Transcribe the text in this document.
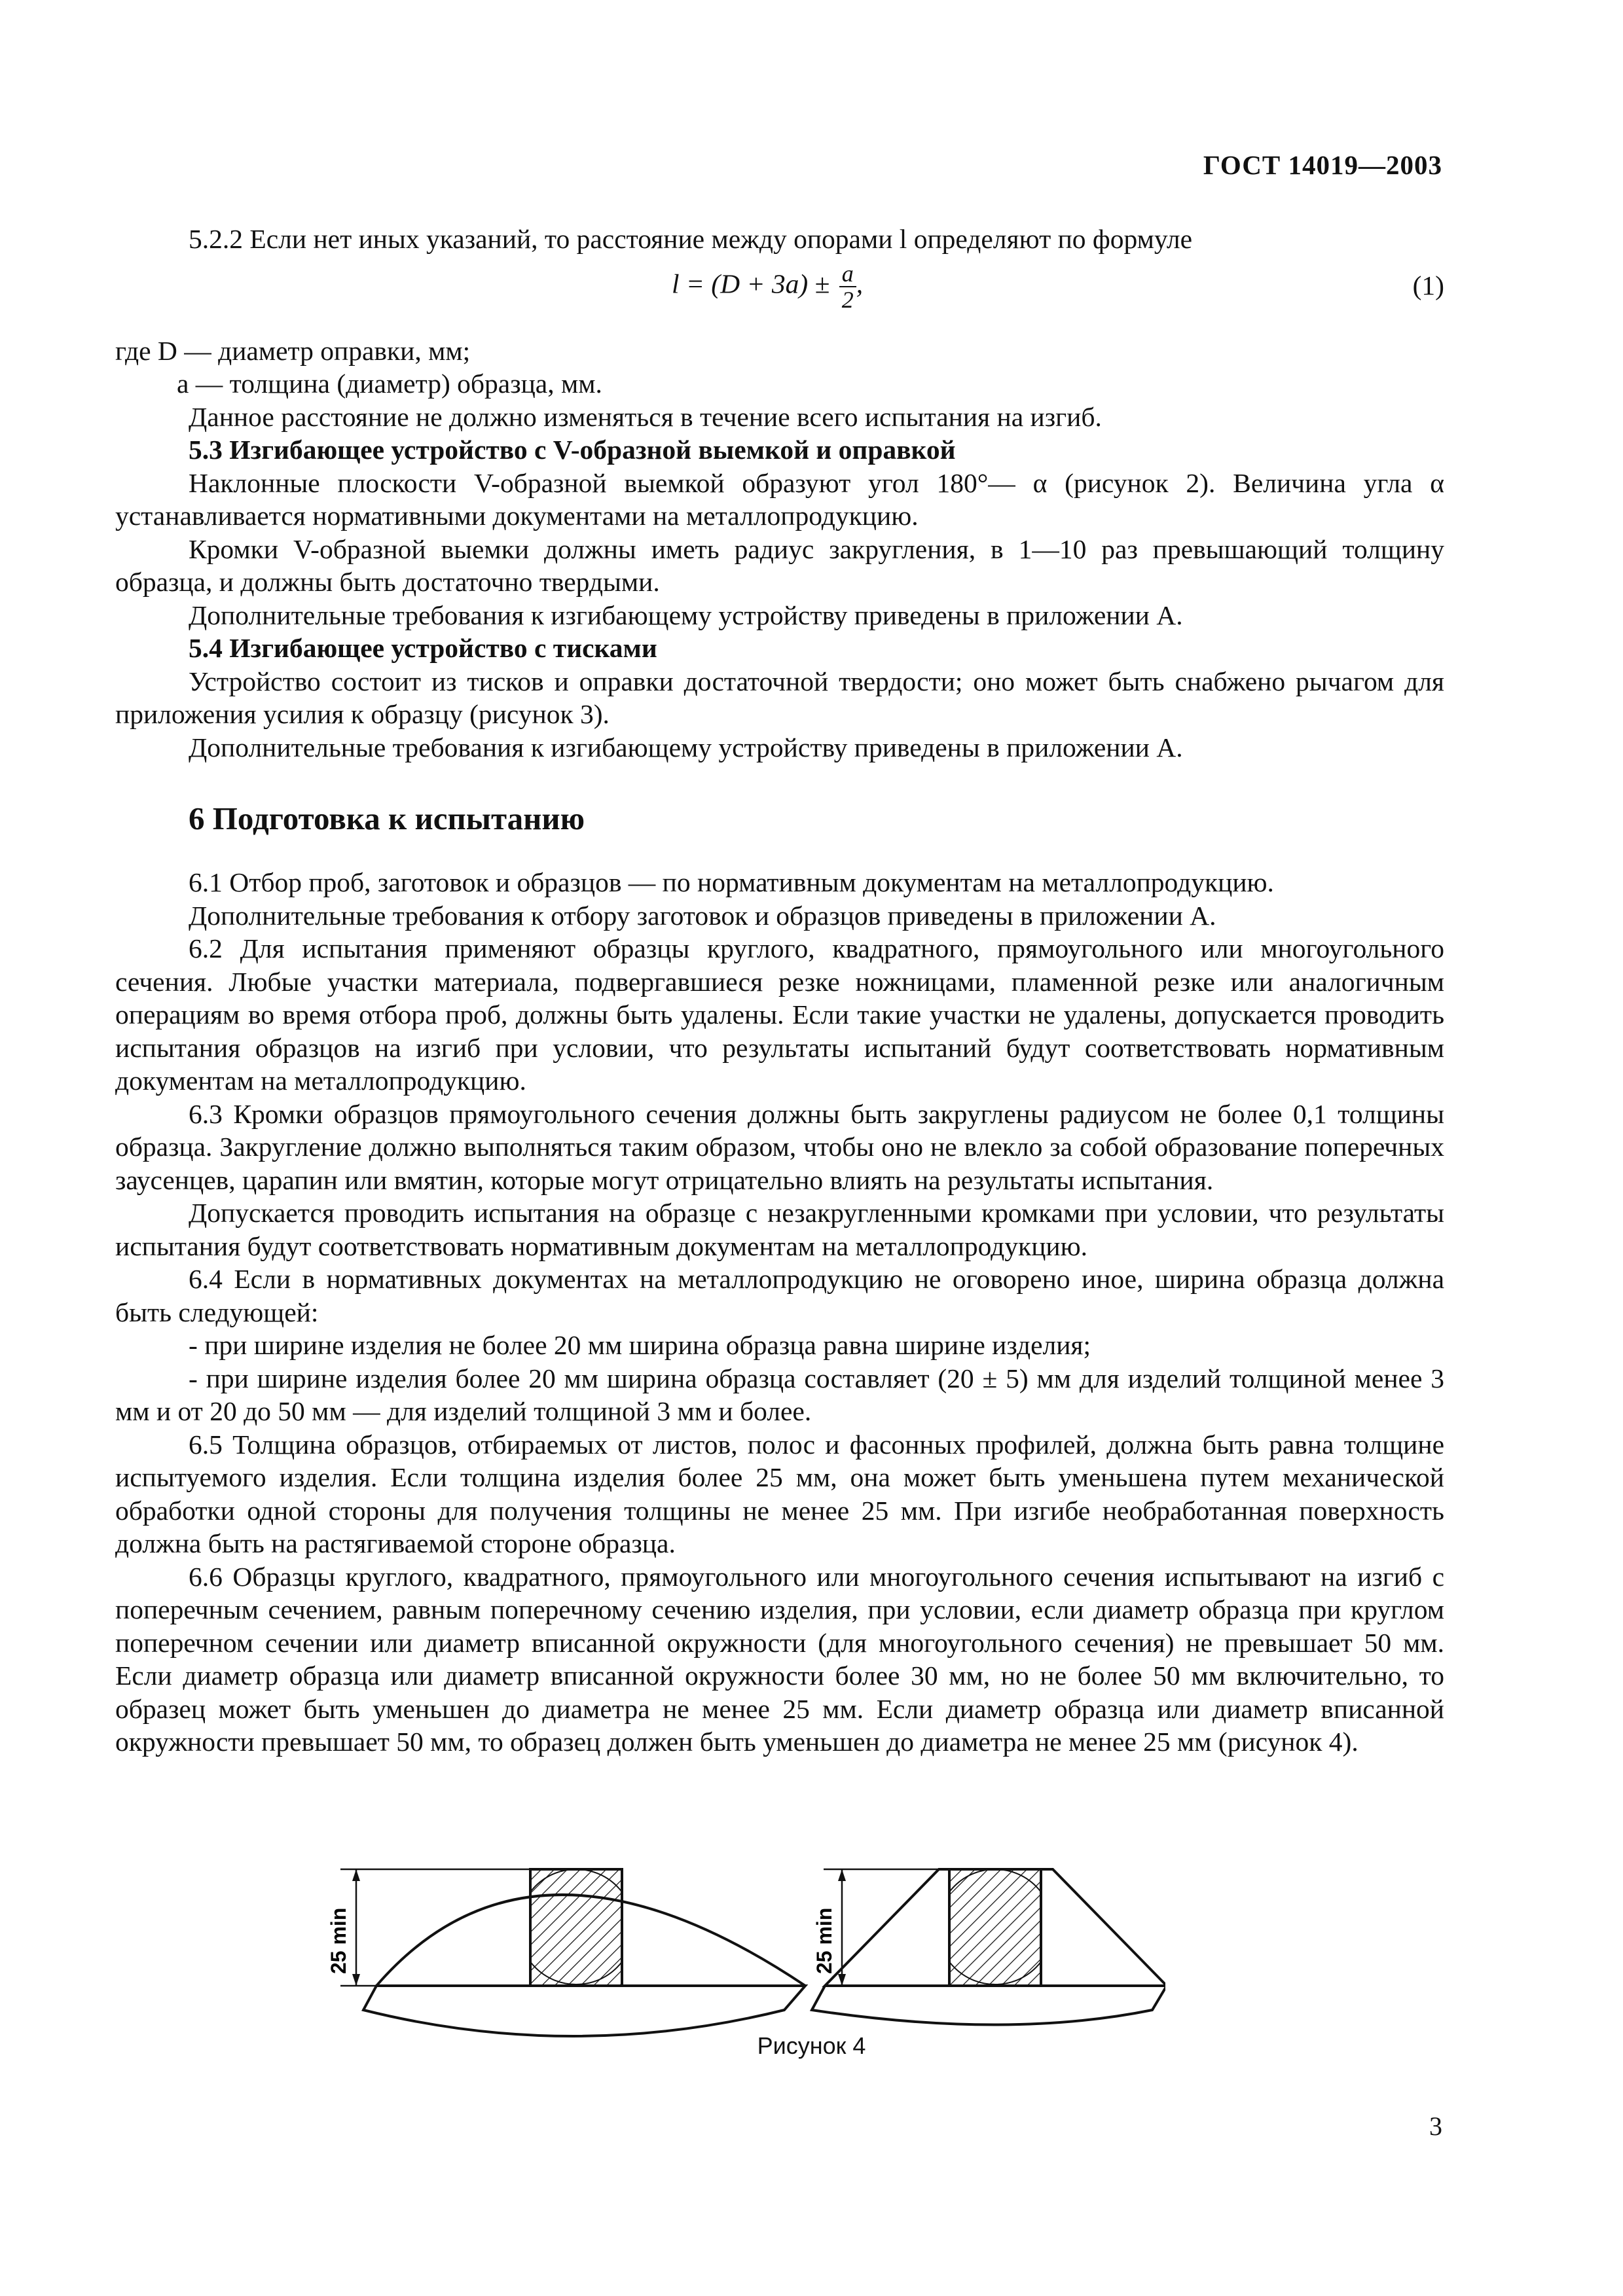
ГОСТ 14019—2003

5.2.2 Если нет иных указаний, то расстояние между опорами l определяют по формуле

$l = (D + 3a) \pm \frac{a}{2}$ ,	(1)

где D — диаметр оправки, мм;

a — толщина (диаметр) образца, мм.

Данное расстояние не должно изменяться в течение всего испытания на изгиб.

5.3 Изгибающее устройство с V-образной выемкой и оправкой

Наклонные плоскости V-образной выемкой образуют угол 180°— α (рисунок 2). Величина угла α устанавливается нормативными документами на металлопродукцию.

Кромки V-образной выемки должны иметь радиус закругления, в 1—10 раз превышающий толщину образца, и должны быть достаточно твердыми.

Дополнительные требования к изгибающему устройству приведены в приложении А.

5.4 Изгибающее устройство с тисками

Устройство состоит из тисков и оправки достаточной твердости; оно может быть снабжено рычагом для приложения усилия к образцу (рисунок 3).

Дополнительные требования к изгибающему устройству приведены в приложении А.

6 Подготовка к испытанию

6.1 Отбор проб, заготовок и образцов — по нормативным документам на металлопродукцию.

Дополнительные требования к отбору заготовок и образцов приведены в приложении А.

6.2 Для испытания применяют образцы круглого, квадратного, прямоугольного или многоугольного сечения. Любые участки материала, подвергавшиеся резке ножницами, пламенной резке или аналогичным операциям во время отбора проб, должны быть удалены. Если такие участки не удалены, допускается проводить испытания образцов на изгиб при условии, что результаты испытаний будут соответствовать нормативным документам на металлопродукцию.

6.3 Кромки образцов прямоугольного сечения должны быть закруглены радиусом не более 0,1 толщины образца. Закругление должно выполняться таким образом, чтобы оно не влекло за собой образование поперечных заусенцев, царапин или вмятин, которые могут отрицательно влиять на результаты испытания.

Допускается проводить испытания на образце с незакругленными кромками при условии, что результаты испытания будут соответствовать нормативным документам на металлопродукцию.

6.4 Если в нормативных документах на металлопродукцию не оговорено иное, ширина образца должна быть следующей:

- при ширине изделия не более 20 мм ширина образца равна ширине изделия;

- при ширине изделия более 20 мм ширина образца составляет (20 ± 5) мм для изделий толщиной менее 3 мм и от 20 до 50 мм — для изделий толщиной 3 мм и более.

6.5 Толщина образцов, отбираемых от листов, полос и фасонных профилей, должна быть равна толщине испытуемого изделия. Если толщина изделия более 25 мм, она может быть уменьшена путем механической обработки одной стороны для получения толщины не менее 25 мм. При изгибе необработанная поверхность должна быть на растягиваемой стороне образца.

6.6 Образцы круглого, квадратного, прямоугольного или многоугольного сечения испытывают на изгиб с поперечным сечением, равным поперечному сечению изделия, при условии, если диаметр образца при круглом поперечном сечении или диаметр вписанной окружности (для многоугольного сечения) не превышает 50 мм. Если диаметр образца или диаметр вписанной окружности более 30 мм, но не более 50 мм включительно, то образец может быть уменьшен до диаметра не менее 25 мм. Если диаметр образца или диаметр вписанной окружности превышает 50 мм, то образец должен быть уменьшен до диаметра не менее 25 мм (рисунок 4).

25 min	25 min
Рисунок 4
3
